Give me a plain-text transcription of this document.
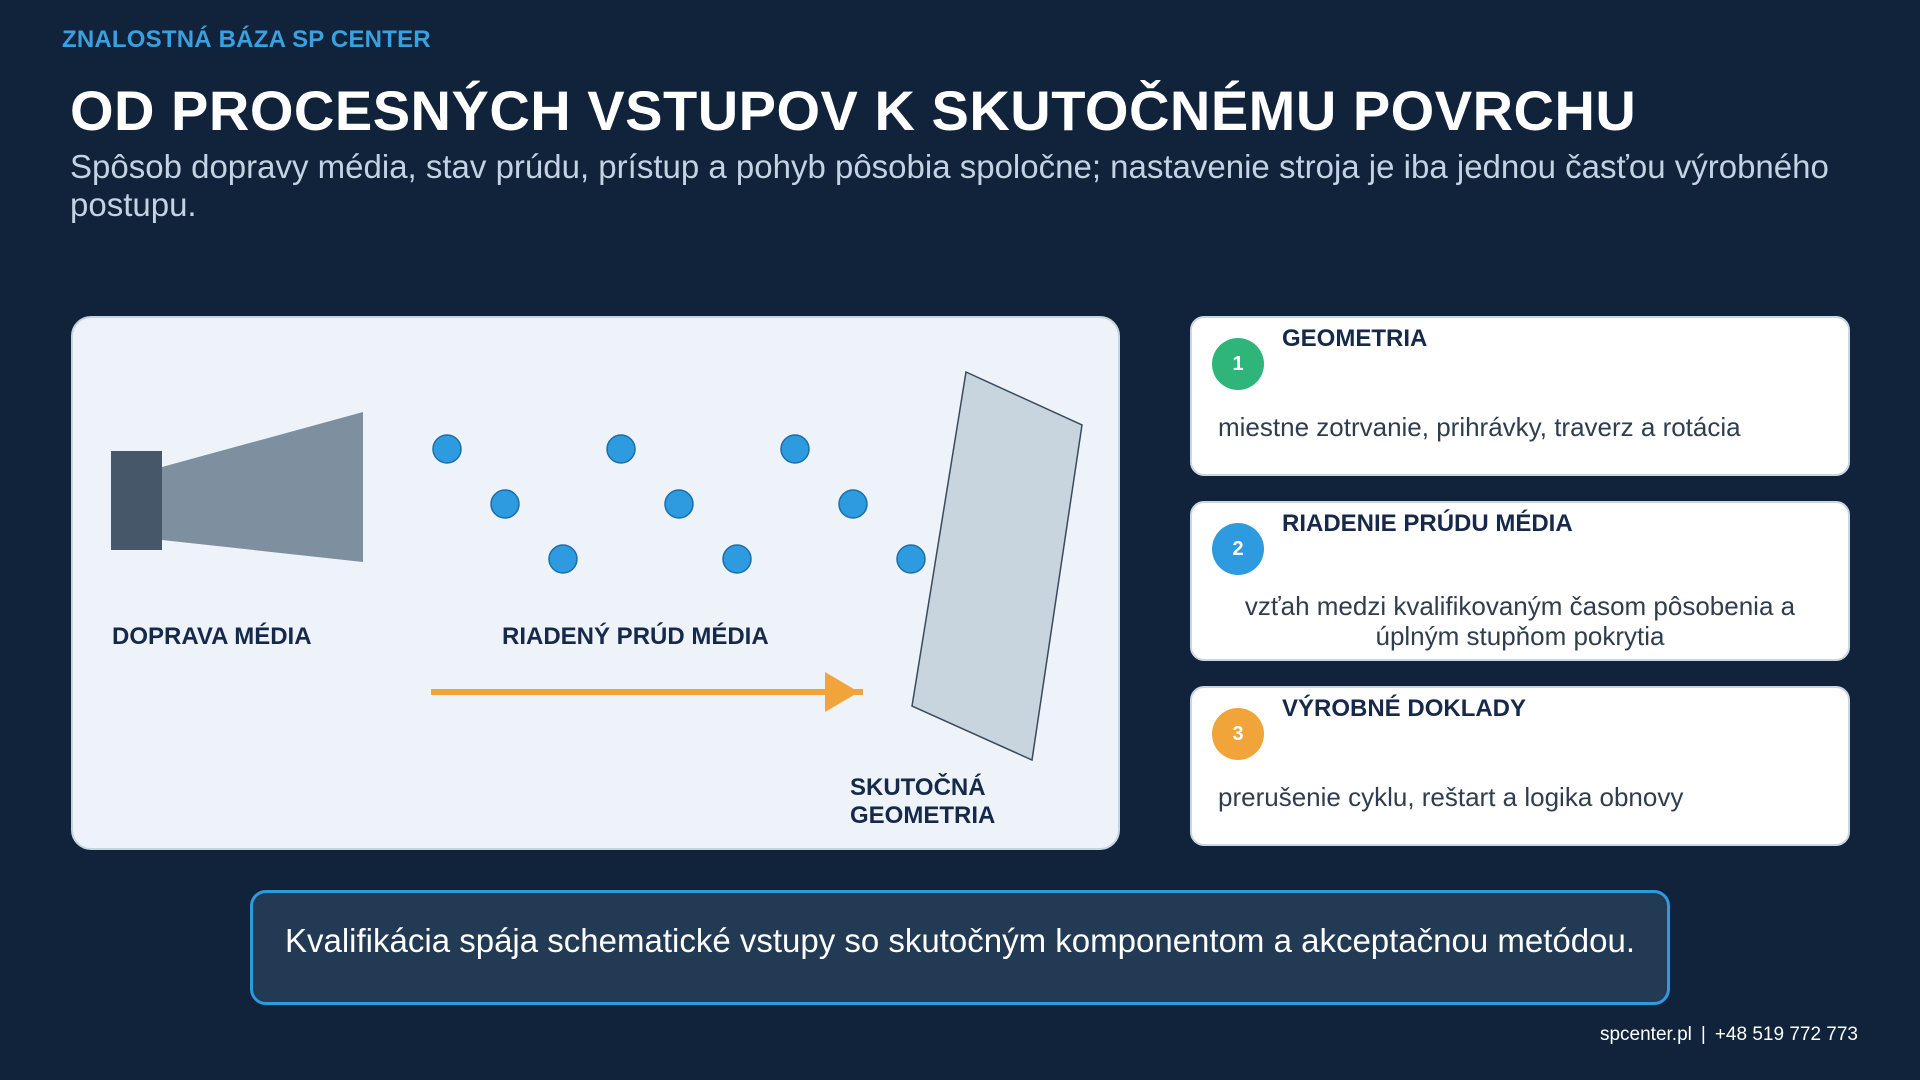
ZNALOSTNÁ BÁZA SP CENTER
OD PROCESNÝCH VSTUPOV K SKUTOČNÉMU POVRCHU

Spôsob dopravy média, stav prúdu, prístup a pohyb pôsobia spoločne; nastavenie stroja je iba jednou časťou výrobného postupu.

DOPRAVA MÉDIA	RIADENÝ PRÚD MÉDIA
SKUTOČNÁ
GEOMETRIA
1
GEOMETRIA
miestne zotrvanie, prihrávky, traverz a rotácia
2
RIADENIE PRÚDU MÉDIA
vzťah medzi kvalifikovaným časom pôsobenia a úplným stupňom pokrytia
3
VÝROBNÉ DOKLADY
prerušenie cyklu, reštart a logika obnovy
Kvalifikácia spája schematické vstupy so skutočným komponentom a akceptačnou metódou.
spcenter.pl | +48 519 772 773
